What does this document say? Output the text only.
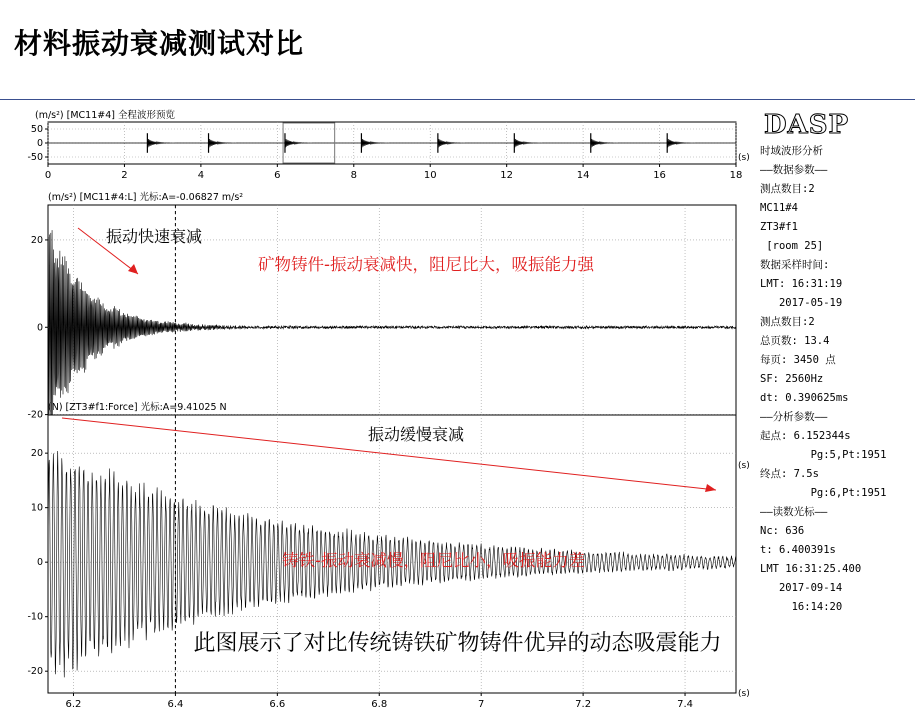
材料振动衰减测试对比
(m/s²) [MC11#4] 全程波形预览
50
0
-50
0	2	4	6	8	10	12	14	16	18
(s)
(m/s²) [MC11#4:L] 光标:A=-0.06827 m/s²
20
0
-20
振动快速衰减
矿物铸件-振动衰减快，阻尼比大，吸振能力强
(s)
(N) [ZT3#f1:Force] 光标:A=9.41025 N
20
10
0
-10
-20
6.2	6.4	6.6	6.8	7	7.2	7.4
振动缓慢衰减
铸铁-振动衰减慢，阻尼比小，吸振能力差
(s)
DASP
时域波形分析
——数据参数——
测点数目:2
MC11#4
ZT3#f1
[room 25]
数据采样时间:
LMT: 16:31:19
2017-05-19
测点数目:2
总页数: 13.4
每页: 3450 点
SF: 2560Hz
dt: 0.390625ms
——分析参数——
起点: 6.152344s
Pg:5,Pt:1951
终点: 7.5s
Pg:6,Pt:1951
——读数光标——
Nc: 636
t: 6.400391s
LMT 16:31:25.400
2017-09-14
16:14:20
此图展示了对比传统铸铁矿物铸件优异的动态吸震能力
